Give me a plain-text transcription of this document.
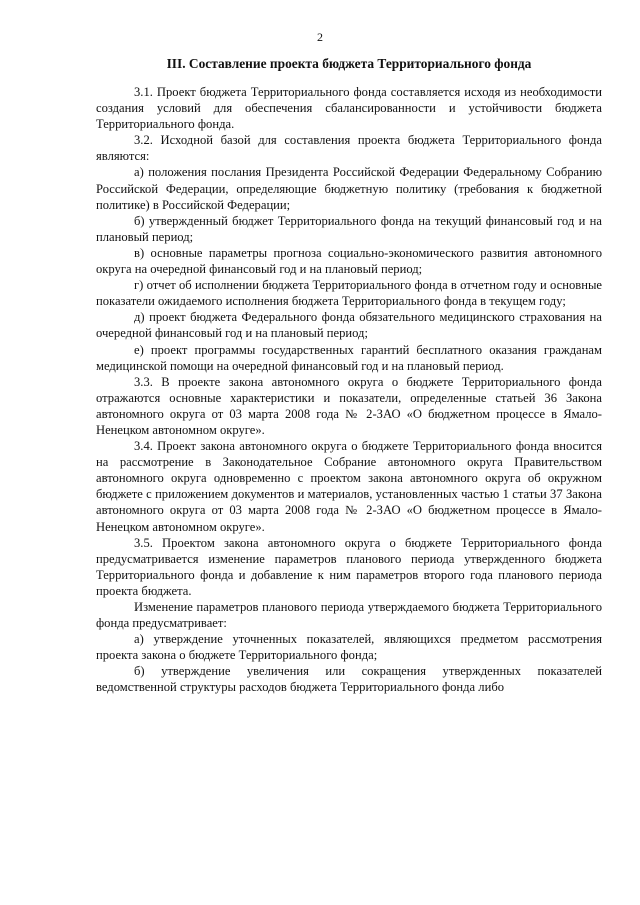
2
III. Составление проекта бюджета Территориального фонда

3.1. Проект бюджета Территориального фонда составляется исходя из необходимости создания условий для обеспечения сбалансированности и устойчивости бюджета Территориального фонда.

3.2. Исходной базой для составления проекта бюджета Территориального фонда являются:

а) положения послания Президента Российской Федерации Федеральному Собранию Российской Федерации, определяющие бюджетную политику (требования к бюджетной политике) в Российской Федерации;

б) утвержденный бюджет Территориального фонда на текущий финансовый год и на плановый период;

в) основные параметры прогноза социально-экономического развития автономного округа на очередной финансовый год и на плановый период;

г) отчет об исполнении бюджета Территориального фонда в отчетном году и основные показатели ожидаемого исполнения бюджета Территориального фонда в текущем году;

д) проект бюджета Федерального фонда обязательного медицинского страхования на очередной финансовый год и на плановый период;

е) проект программы государственных гарантий бесплатного оказания гражданам медицинской помощи на очередной финансовый год и на плановый период.

3.3. В проекте закона автономного округа о бюджете Территориального фонда отражаются основные характеристики и показатели, определенные статьей 36 Закона автономного округа от 03 марта 2008 года № 2-ЗАО «О бюджетном процессе в Ямало-Ненецком автономном округе».

3.4. Проект закона автономного округа о бюджете Территориального фонда вносится на рассмотрение в Законодательное Собрание автономного округа Правительством автономного округа одновременно с проектом закона автономного округа об окружном бюджете с приложением документов и материалов, установленных частью 1 статьи 37 Закона автономного округа от 03 марта 2008 года № 2-ЗАО «О бюджетном процессе в Ямало-Ненецком автономном округе».

3.5. Проектом закона автономного округа о бюджете Территориального фонда предусматривается изменение параметров планового периода утвержденного бюджета Территориального фонда и добавление к ним параметров второго года планового периода проекта бюджета.

Изменение параметров планового периода утверждаемого бюджета Территориального фонда предусматривает:

а) утверждение уточненных показателей, являющихся предметом рассмотрения проекта закона о бюджете Территориального фонда;

б) утверждение увеличения или сокращения утвержденных показателей ведомственной структуры расходов бюджета Территориального фонда либо
